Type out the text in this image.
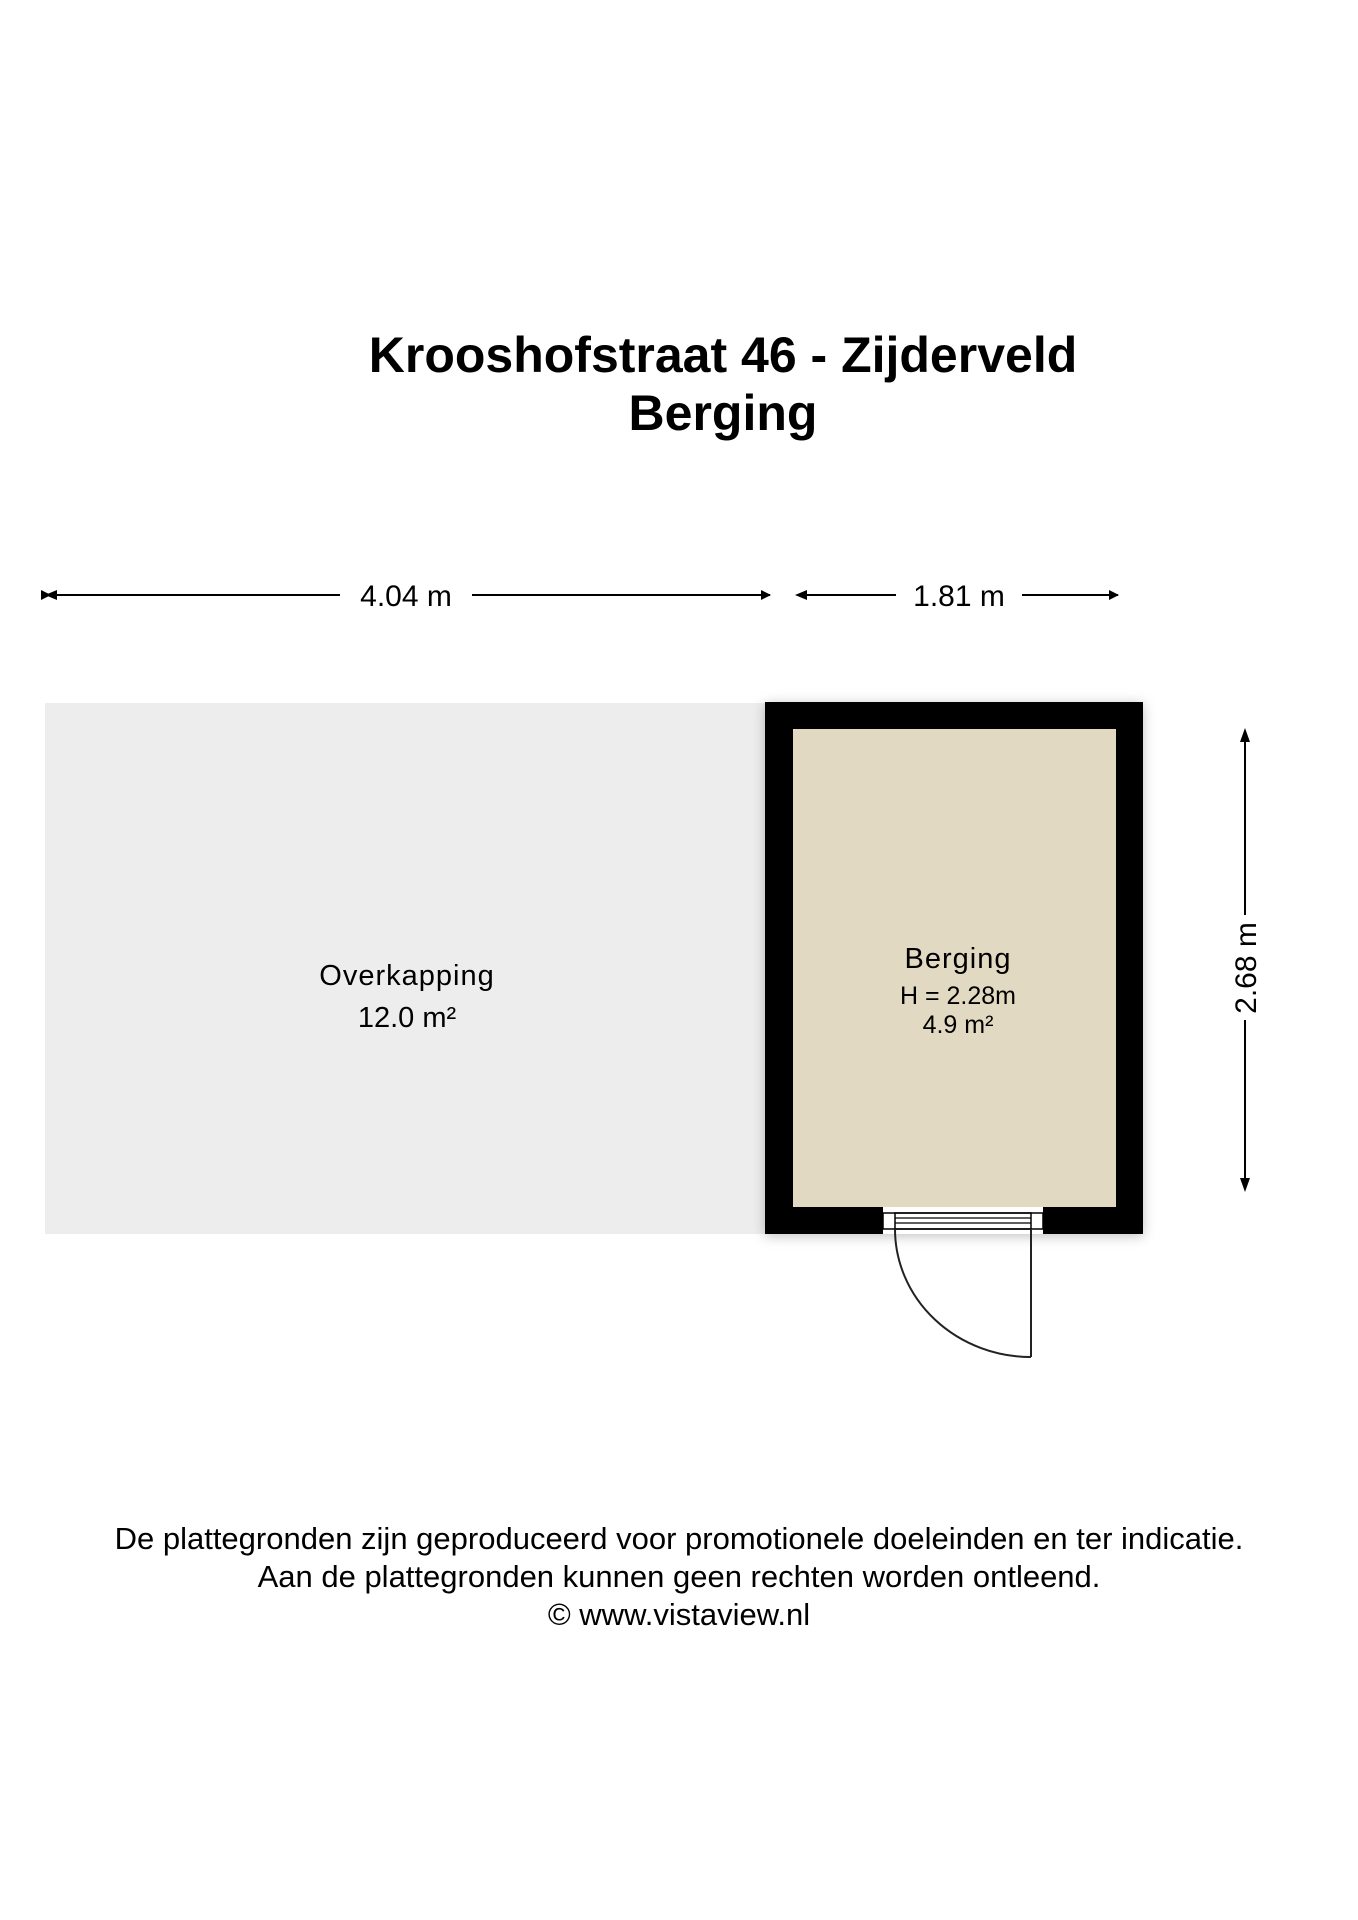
Krooshofstraat 46 - Zijderveld
Berging
4.04 m	1.81 m
Overkapping
12.0 m²
Berging
H = 2.28m
4.9 m²
2.68 m
De plattegronden zijn geproduceerd voor promotionele doeleinden en ter indicatie.
Aan de plattegronden kunnen geen rechten worden ontleend.
© www.vistaview.nl
